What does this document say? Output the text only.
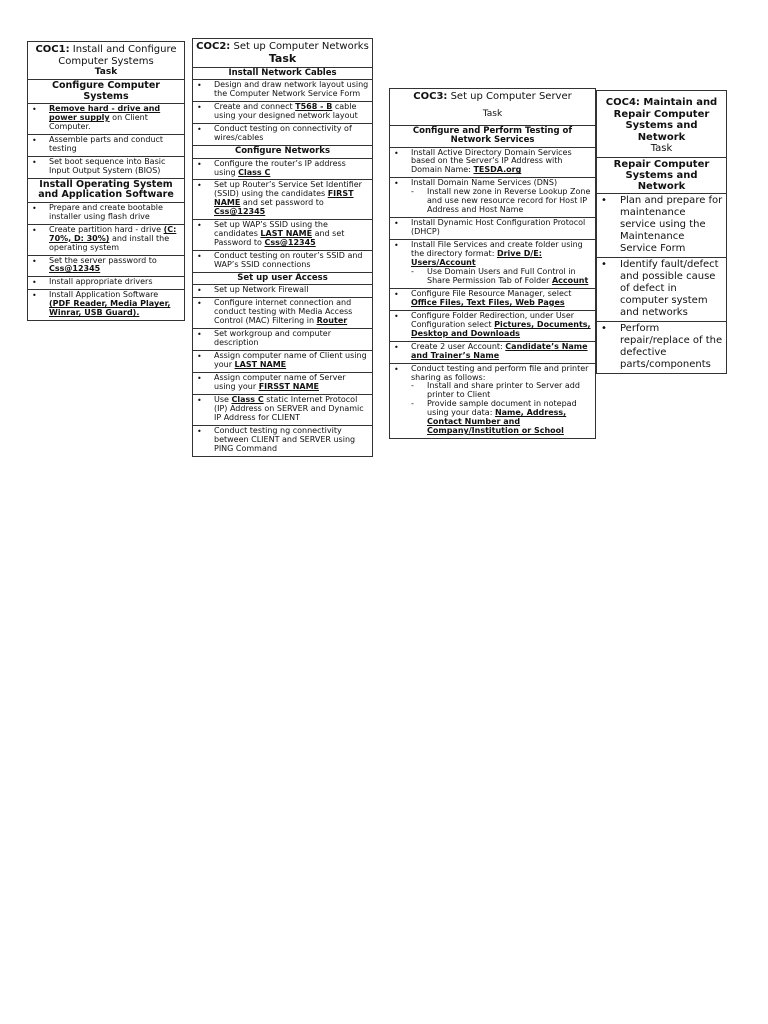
COC1: Install and Configure Computer Systems
Task
Configure Computer Systems
•	Remove hard - drive and power supply on Client Computer.
•	Assemble parts and conduct testing
•	Set boot sequence into Basic Input Output System (BIOS)
Install Operating System and Application Software
•	Prepare and create bootable installer using flash drive
•	Create partition hard - drive (C: 70%, D: 30%) and install the operating system
•	Set the server password to Css@12345
•	Install appropriate drivers
•	Install Application Software (PDF Reader, Media Player, Winrar, USB Guard).
COC2: Set up Computer Networks
Task
Install Network Cables
•	Design and draw network layout using the Computer Network Service Form
•	Create and connect T568 - B cable using your designed network layout
•	Conduct testing on connectivity of wires/cables
Configure Networks
•	Configure the router’s IP address using Class C
•	Set up Router’s Service Set Identifier (SSID) using the candidates FIRST NAME and set password to Css@12345
•	Set up WAP’s SSID using the candidates LAST NAME and set Password to Css@12345
•	Conduct testing on router’s SSID and WAP’s SSID connections
Set up user Access
•	Set up Network Firewall
•	Configure internet connection and conduct testing with Media Access Control (MAC) Filtering in Router
•	Set workgroup and computer description
•	Assign computer name of Client using your LAST NAME
•	Assign computer name of Server using your FIRSST NAME
•	Use Class C static Internet Protocol (IP) Address on SERVER and Dynamic IP Address for CLIENT
•	Conduct testing ng connectivity between CLIENT and SERVER using PING Command
COC3: Set up Computer Server
Task
Configure and Perform Testing of Network Services
•	Install Active Directory Domain Services based on the Server’s IP Address with Domain Name: TESDA.org
•	Install Domain Name Services (DNS)
- Install new zone in Reverse Lookup Zone and use new resource record for Host IP Address and Host Name
•	Install Dynamic Host Configuration Protocol (DHCP)
•	Install File Services and create folder using the directory format: Drive D/E: Users/Account
- Use Domain Users and Full Control in Share Permission Tab of Folder Account
•	Configure File Resource Manager, select Office Files, Text Files, Web Pages
•	Configure Folder Redirection, under User Configuration select Pictures, Documents, Desktop and Downloads
•	Create 2 user Account: Candidate’s Name and Trainer’s Name
•	Conduct testing and perform file and printer sharing as follows:
- Install and share printer to Server add printer to Client
- Provide sample document in notepad using your data: Name, Address, Contact Number and Company/Institution or School
COC4: Maintain and Repair Computer Systems and Network
Task
Repair Computer Systems and Network
•	Plan and prepare for maintenance service using the Maintenance Service Form
•	Identify fault/defect and possible cause of defect in computer system and networks
•	Perform repair/replace of the defective parts/components
